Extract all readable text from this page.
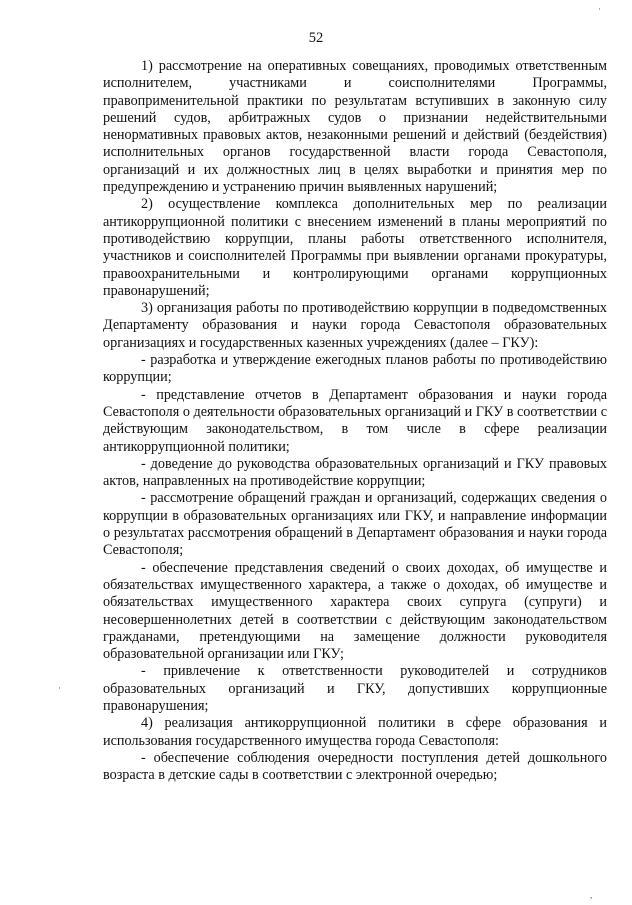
52

1) рассмотрение на оперативных совещаниях, проводимых ответственным исполнителем, участниками и соисполнителями Программы, правоприменительной практики по результатам вступивших в законную силу решений судов, арбитражных судов о признании недействительными ненормативных правовых актов, незаконными решений и действий (бездействия) исполнительных органов государственной власти города Севастополя, организаций и их должностных лиц в целях выработки и принятия мер по предупреждению и устранению причин выявленных нарушений;

2) осуществление комплекса дополнительных мер по реализации антикоррупционной политики с внесением изменений в планы мероприятий по противодействию коррупции, планы работы ответственного исполнителя, участников и соисполнителей Программы при выявлении органами прокуратуры, правоохранительными и контролирующими органами коррупционных правонарушений;

3) организация работы по противодействию коррупции в подведомственных Департаменту образования и науки города Севастополя образовательных организациях и государственных казенных учреждениях (далее – ГКУ):

- разработка и утверждение ежегодных планов работы по противодействию коррупции;

- представление отчетов в Департамент образования и науки города Севастополя о деятельности образовательных организаций и ГКУ в соответствии с действующим законодательством, в том числе в сфере реализации антикоррупционной политики;

- доведение до руководства образовательных организаций и ГКУ правовых актов, направленных на противодействие коррупции;

- рассмотрение обращений граждан и организаций, содержащих сведения о коррупции в образовательных организациях или ГКУ, и направление информации о результатах рассмотрения обращений в Департамент образования и науки города Севастополя;

- обеспечение представления сведений о своих доходах, об имуществе и обязательствах имущественного характера, а также о доходах, об имуществе и обязательствах имущественного характера своих супруга (супруги) и несовершеннолетних детей в соответствии с действующим законодательством гражданами, претендующими на замещение должности руководителя образовательной организации или ГКУ;

- привлечение к ответственности руководителей и сотрудников образовательных организаций и ГКУ, допустивших коррупционные правонарушения;

4) реализация антикоррупционной политики в сфере образования и использования государственного имущества города Севастополя:

- обеспечение соблюдения очередности поступления детей дошкольного возраста в детские сады в соответствии с электронной очередью;

·
·
,
